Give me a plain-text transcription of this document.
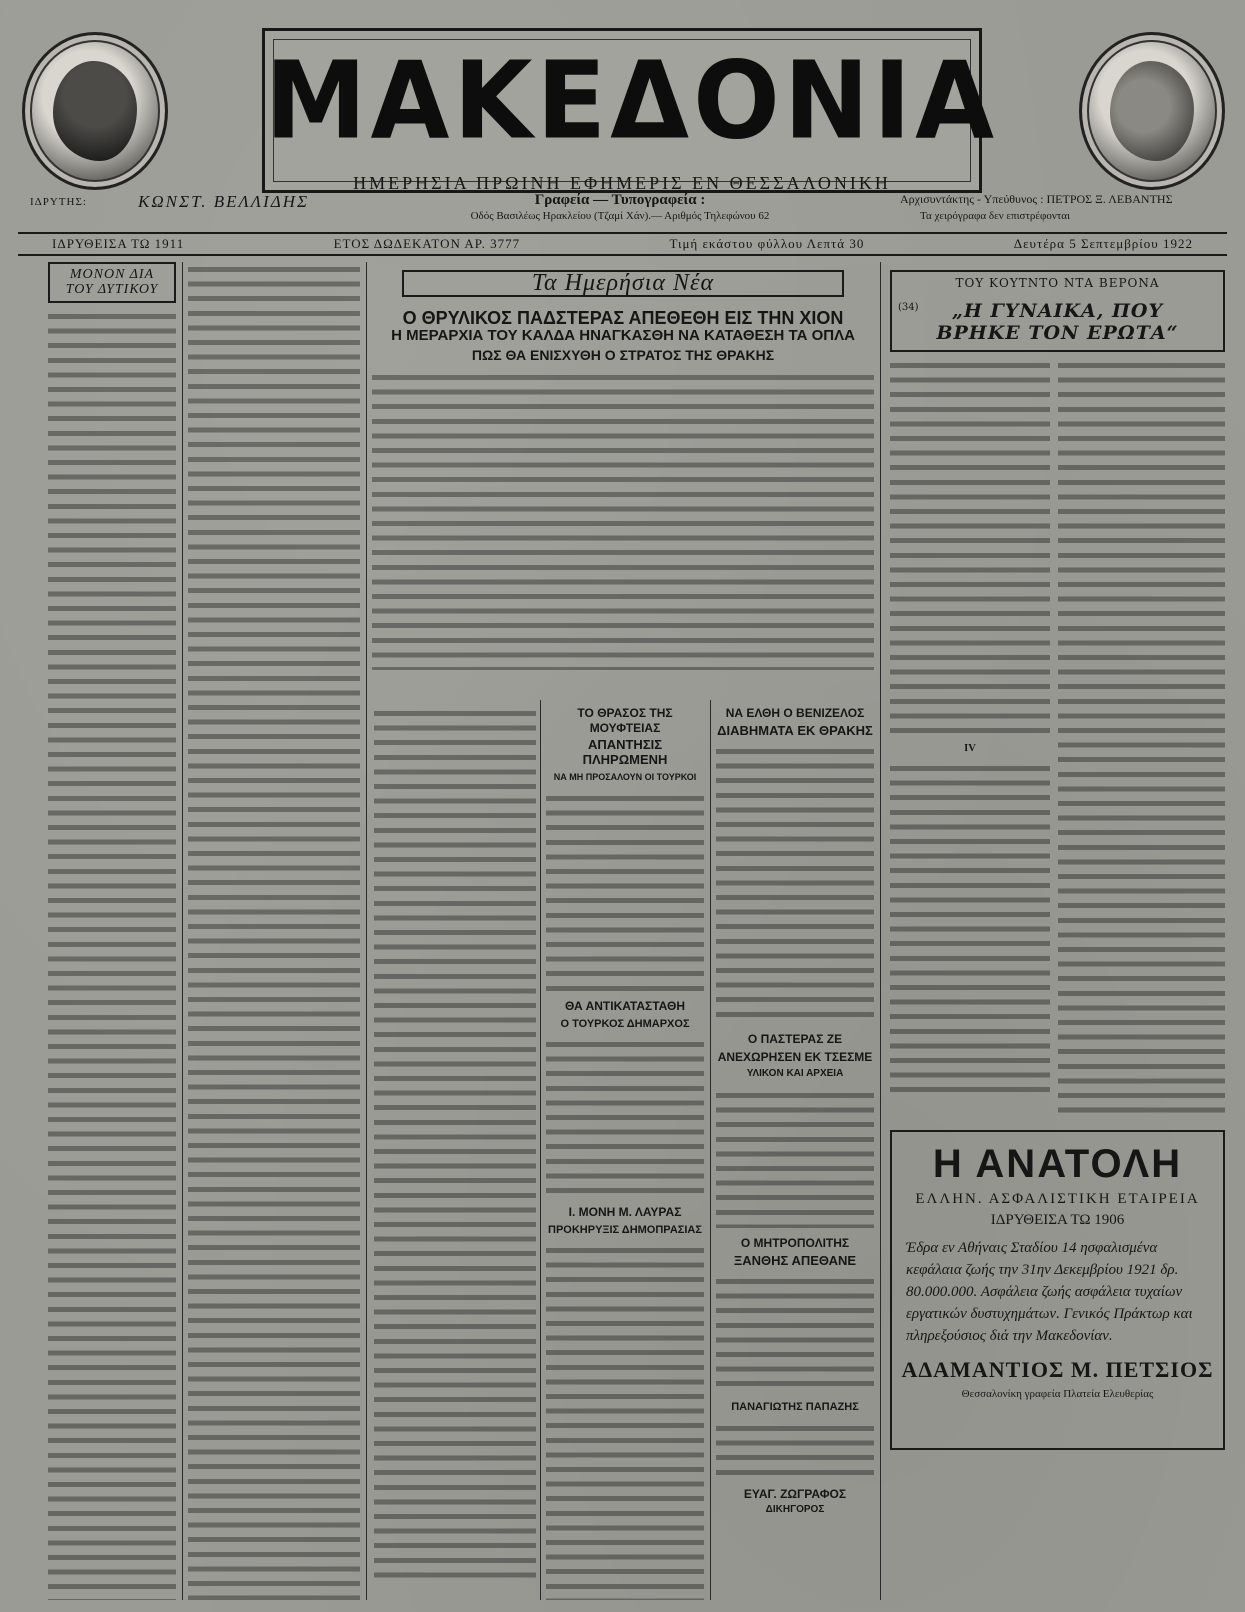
ΜΑΚΕΔΟΝΙΑ
ΗΜΕΡΗΣΙΑ ΠΡΩΙΝΗ ΕΦΗΜΕΡΙΣ ΕΝ ΘΕΣΣΑΛΟΝΙΚΗ
ΙΔΡΥΤΗΣ:	ΚΩΝΣΤ. ΒΕΛΛΙΔΗΣ	Γραφεία — Τυπογραφεία :
Οδός Βασιλέως Ηρακλείου (Τζαμί Χάν).— Αριθμός Τηλεφώνου 62
Αρχισυντάκτης - Υπεύθυνος : ΠΕΤΡΟΣ Ξ. ΛΕΒΑΝΤΗΣ
Τα χειρόγραφα δεν επιστρέφονται
ΙΔΡΥΘΕΙΣΑ ΤΩ 1911	ΕΤΟΣ ΔΩΔΕΚΑΤΟΝ ΑΡ. 3777	Τιμή εκάστου φύλλου Λεπτά 30	Δευτέρα 5 Σεπτεμβρίου 1922
ΜΟΝΟΝ ΔΙΑ ΤΟΥ ΔΥΤΙΚΟΥ	Τα Ημερήσια Νέα
Ο ΘΡΥΛΙΚΟΣ ΠΑΔΣΤΕΡΑΣ ΑΠΕΘΕΘΗ ΕΙΣ ΤΗΝ ΧΙΟΝ
Η ΜΕΡΑΡΧΙΑ ΤΟΥ ΚΑΛΔΑ ΗΝΑΓΚΑΣΘΗ ΝΑ ΚΑΤΑΘΕΣΗ ΤΑ ΟΠΛΑ
ΠΩΣ ΘΑ ΕΝΙΣΧΥΘΗ Ο ΣΤΡΑΤΟΣ ΤΗΣ ΘΡΑΚΗΣ
ΤΟ ΘΡΑΣΟΣ ΤΗΣ ΜΟΥΦΤΕΙΑΣ
ΑΠΑΝΤΗΣΙΣ ΠΛΗΡΩΜΕΝΗ
ΝΑ ΜΗ ΠΡΟΣΑΛΟΥΝ ΟΙ ΤΟΥΡΚΟΙ
ΘΑ ΑΝΤΙΚΑΤΑΣΤΑΘΗ
Ο ΤΟΥΡΚΟΣ ΔΗΜΑΡΧΟΣ
Ι. ΜΟΝΗ Μ. ΛΑΥΡΑΣ
ΠΡΟΚΗΡΥΞΙΣ ΔΗΜΟΠΡΑΣΙΑΣ
ΝΑ ΕΛΘΗ Ο ΒΕΝΙΖΕΛΟΣ
ΔΙΑΒΗΜΑΤΑ ΕΚ ΘΡΑΚΗΣ
Ο ΠΑΣΤΕΡΑΣ ΖΕ
ΑΝΕΧΩΡΗΣΕΝ ΕΚ ΤΣΕΣΜΕ
ΥΛΙΚΟΝ ΚΑΙ ΑΡΧΕΙΑ
Ο ΜΗΤΡΟΠΟΛΙΤΗΣ
ΞΑΝΘΗΣ ΑΠΕΘΑΝΕ
ΠΑΝΑΓΙΩΤΗΣ ΠΑΠΑΖΗΣ
ΕΥΑΓ. ΖΩΓΡΑΦΟΣ
ΔΙΚΗΓΟΡΟΣ
ΤΟΥ ΚΟΥΤΝΤΟ ΝΤΑ ΒΕΡΟΝΑ
„Η ΓΥΝΑΙΚΑ, ΠΟΥ ΒΡΗΚΕ ΤΟΝ ΕΡΩΤΑ“
(34)
IV
Η ΑΝΑΤΟΛΗ
ΕΛΛΗΝ. ΑΣΦΑΛΙΣΤΙΚΗ ΕΤΑΙΡΕΙΑ
ΙΔΡΥΘΕΙΣΑ ΤΩ 1906
Έδρα εν Αθήναις Σταδίου 14 ησφαλισμένα κεφάλαια ζωής την 31ην Δεκεμβρίου 1921 δρ. 80.000.000. Ασφάλεια ζωής ασφάλεια τυχαίων εργατικών δυστυχημάτων. Γενικός Πράκτωρ και πληρεξούσιος διά την Μακεδονίαν.
ΑΔΑΜΑΝΤΙΟΣ Μ. ΠΕΤΣΙΟΣ
Θεσσαλονίκη γραφεία Πλατεία Ελευθερίας
